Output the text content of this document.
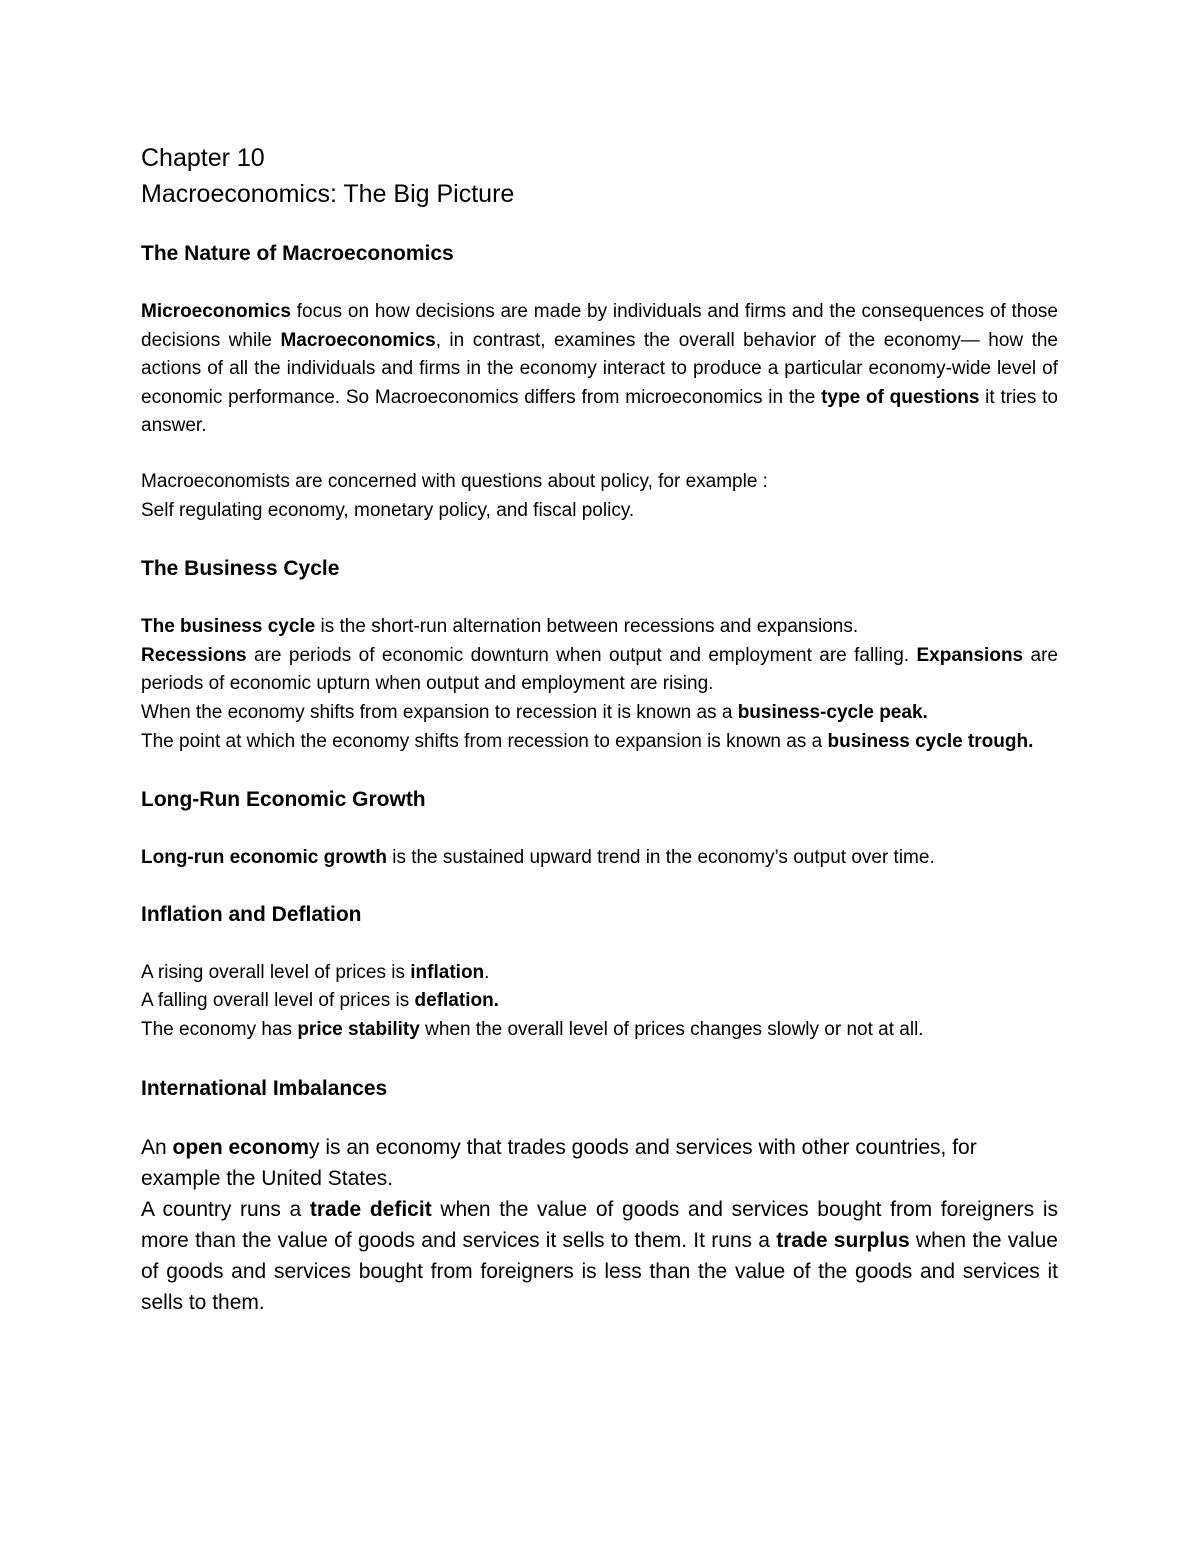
Chapter 10
Macroeconomics: The Big Picture
The Nature of Macroeconomics

Microeconomics focus on how decisions are made by individuals and firms and the consequences of those decisions while Macroeconomics, in contrast, examines the overall behavior of the economy— how the actions of all the individuals and firms in the economy interact to produce a particular economy-wide level of economic performance. So Macroeconomics differs from microeconomics in the type of questions it tries to answer.

Macroeconomists are concerned with questions about policy, for example :
Self regulating economy, monetary policy, and fiscal policy.

The Business Cycle

The business cycle is the short-run alternation between recessions and expansions.
Recessions are periods of economic downturn when output and employment are falling. Expansions are periods of economic upturn when output and employment are rising.
When the economy shifts from expansion to recession it is known as a business-cycle peak.
The point at which the economy shifts from recession to expansion is known as a business cycle trough.

Long-Run Economic Growth

Long-run economic growth is the sustained upward trend in the economy’s output over time.

Inflation and Deflation

A rising overall level of prices is inflation.
A falling overall level of prices is deflation.
The economy has price stability when the overall level of prices changes slowly or not at all.

International Imbalances

An open economy is an economy that trades goods and services with other countries, for example the United States.
A country runs a trade deficit when the value of goods and services bought from foreigners is more than the value of goods and services it sells to them. It runs a trade surplus when the value of goods and services bought from foreigners is less than the value of the goods and services it sells to them.
